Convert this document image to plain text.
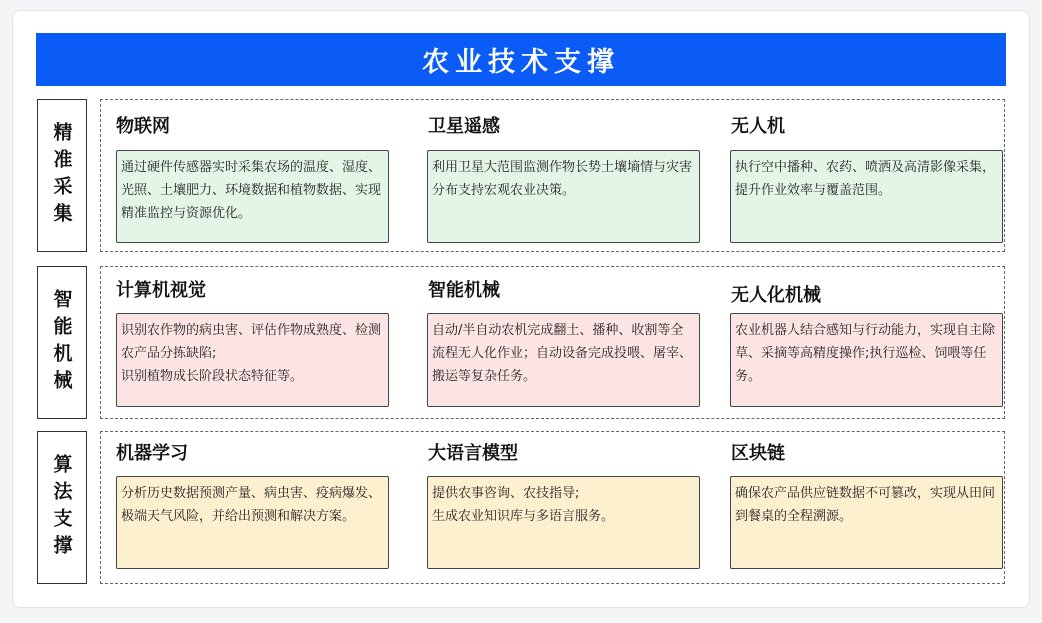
农业技术支撑
精准采集 物联网
通过硬件传感器实时采集农场的温度、湿度、光照、土壤肥力、环境数据和植物数据、实现精准监控与资源优化。
卫星遥感
利用卫星大范围监测作物长势土壤墒情与灾害分布支持宏观农业决策。
无人机
执行空中播种、农药、喷洒及高清影像采集，提升作业效率与覆盖范围。
智能机械 计算机视觉
识别农作物的病虫害、评估作物成熟度、检测农产品分拣缺陷;
识别植物成长阶段状态特征等。
智能机械
自动/半自动农机完成翻土、播种、收割等全流程无人化作业；自动设备完成投喂、屠宰、搬运等复杂任务。
无人化机械
农业机器人结合感知与行动能力，实现自主除草、采摘等高精度操作;执行巡检、饲喂等任务。
算法支撑 机器学习
分析历史数据预测产量、病虫害、疫病爆发、极端天气风险，并给出预测和解决方案。
大语言模型
提供农事咨询、农技指导;
生成农业知识库与多语言服务。
区块链
确保农产品供应链数据不可篡改，实现从田间到餐桌的全程溯源。
